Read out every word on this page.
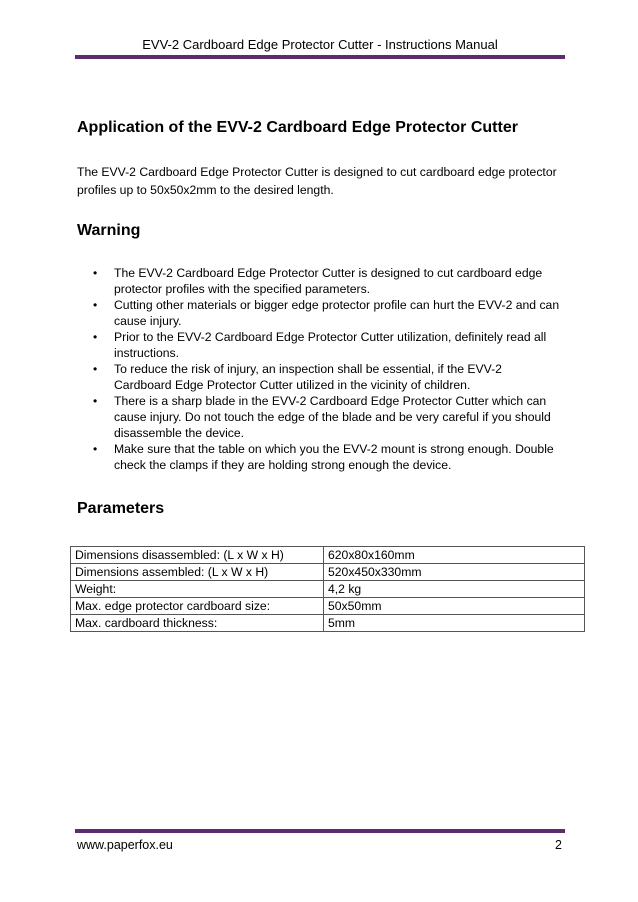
EVV-2 Cardboard Edge Protector Cutter - Instructions Manual
Application of the EVV-2 Cardboard Edge Protector Cutter

The EVV-2 Cardboard Edge Protector Cutter is designed to cut cardboard edge protector profiles up to 50x50x2mm to the desired length.

Warning
• The EVV-2 Cardboard Edge Protector Cutter is designed to cut cardboard edge protector profiles with the specified parameters.
• Cutting other materials or bigger edge protector profile can hurt the EVV-2 and can cause injury.
• Prior to the EVV-2 Cardboard Edge Protector Cutter utilization, definitely read all instructions.
• To reduce the risk of injury, an inspection shall be essential, if the EVV-2 Cardboard Edge Protector Cutter utilized in the vicinity of children.
• There is a sharp blade in the EVV-2 Cardboard Edge Protector Cutter which can cause injury. Do not touch the edge of the blade and be very careful if you should disassemble the device.
• Make sure that the table on which you the EVV-2 mount is strong enough. Double check the clamps if they are holding strong enough the device.
Parameters
Dimensions disassembled: (L x W x H)	620x80x160mm
Dimensions assembled: (L x W x H)	520x450x330mm
Weight:	4,2 kg
Max. edge protector cardboard size:	50x50mm
Max. cardboard thickness:	5mm
www.paperfox.eu	2
